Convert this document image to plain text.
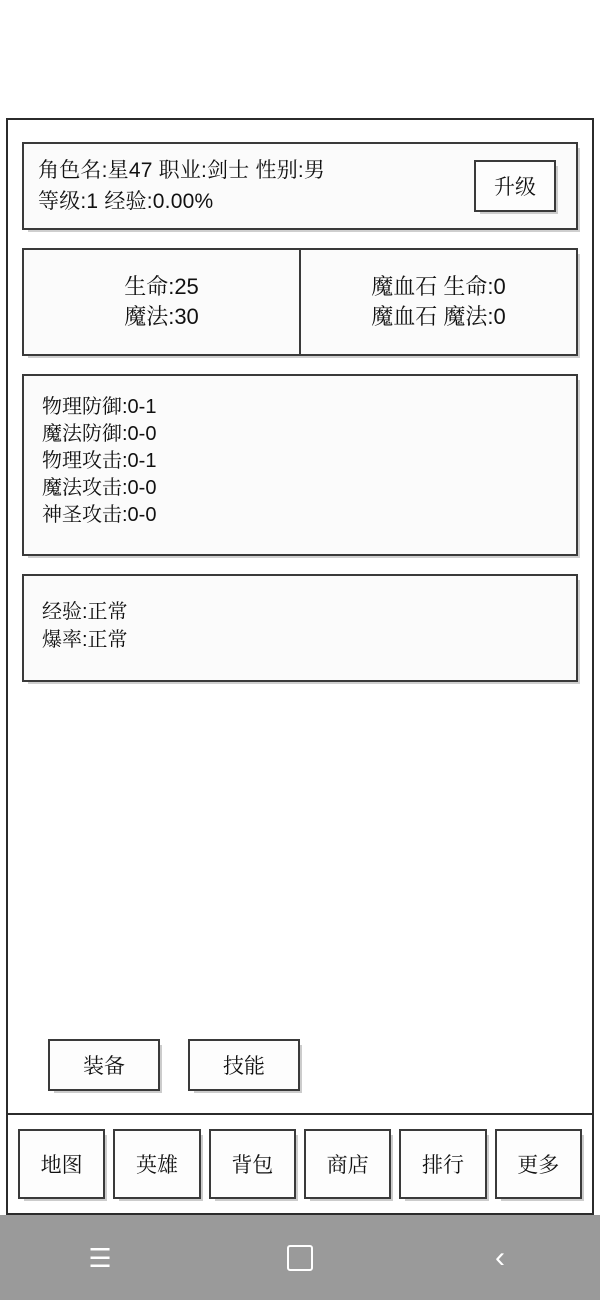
角色名:星47 职业:剑士 性别:男
等级:1 经验:0.00%
升级
生命:25
魔法:30
魔血石 生命:0
魔血石 魔法:0
物理防御:0-1
魔法防御:0-0
物理攻击:0-1
魔法攻击:0-0
神圣攻击:0-0
经验:正常
爆率:正常
装备	技能
地图	英雄	背包	商店	排行	更多
☰	‹
